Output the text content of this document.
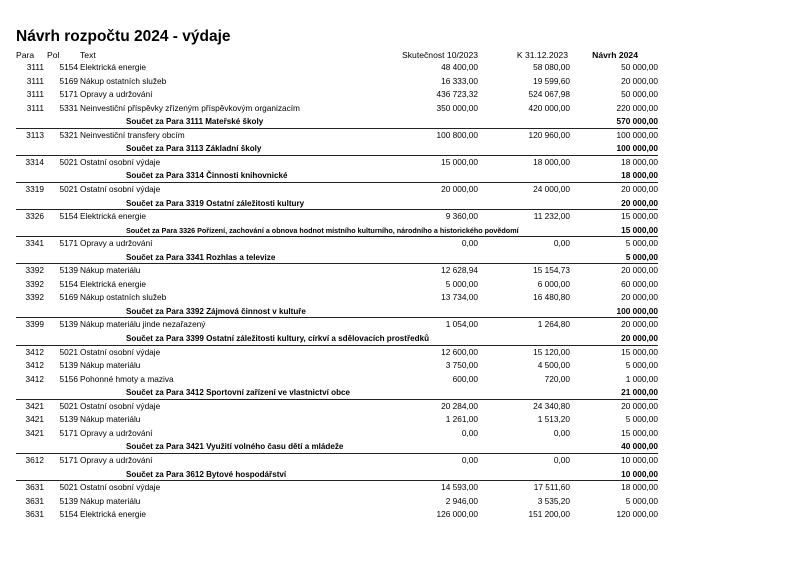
Návrh rozpočtu 2024 - výdaje
Para Pol Text	Skutečnost 10/2023	K 31.12.2023	Návrh 2024
3111	5154 Elektrická energie	48 400,00	58 080,00	50 000,00
3111	5169 Nákup ostatních služeb	16 333,00	19 599,60	20 000,00
3111	5171 Opravy a udržování	436 723,32	524 067,98	50 000,00
3111	5331 Neinvestiční příspěvky zřízeným příspěvkovým organizacím	350 000,00	420 000,00	220 000,00
Součet za Para 3111 Mateřské školy	570 000,00
3113	5321 Neinvestiční transfery obcím	100 800,00	120 960,00	100 000,00
Součet za Para 3113 Základní školy	100 000,00
3314	5021 Ostatní osobní výdaje	15 000,00	18 000,00	18 000,00
Součet za Para 3314 Činnosti knihovnické	18 000,00
3319	5021 Ostatní osobní výdaje	20 000,00	24 000,00	20 000,00
Součet za Para 3319 Ostatní záležitosti kultury	20 000,00
3326	5154 Elektrická energie	9 360,00	11 232,00	15 000,00
Součet za Para 3326 Pořízení, zachování a obnova hodnot místního kulturního, národního a historického povědomí	15 000,00
3341	5171 Opravy a udržování	0,00	0,00	5 000,00
Součet za Para 3341 Rozhlas a televize	5 000,00
3392	5139 Nákup materiálu	12 628,94	15 154,73	20 000,00
3392	5154 Elektrická energie	5 000,00	6 000,00	60 000,00
3392	5169 Nákup ostatních služeb	13 734,00	16 480,80	20 000,00
Součet za Para 3392 Zájmová činnost v kultuře	100 000,00
3399	5139 Nákup materiálu jinde nezařazený	1 054,00	1 264,80	20 000,00
Součet za Para 3399 Ostatní záležitosti kultury, církví a sdělovacích prostředků	20 000,00
3412	5021 Ostatní osobní výdaje	12 600,00	15 120,00	15 000,00
3412	5139 Nákup materiálu	3 750,00	4 500,00	5 000,00
3412	5156 Pohonné hmoty a maziva	600,00	720,00	1 000,00
Součet za Para 3412 Sportovní zařízení ve vlastnictví obce	21 000,00
3421	5021 Ostatní osobní výdaje	20 284,00	24 340,80	20 000,00
3421	5139 Nákup materiálu	1 261,00	1 513,20	5 000,00
3421	5171 Opravy a udržování	0,00	0,00	15 000,00
Součet za Para 3421 Využití volného času dětí a mládeže	40 000,00
3612	5171 Opravy a udržování	0,00	0,00	10 000,00
Součet za Para 3612 Bytové hospodářství	10 000,00
3631	5021 Ostatní osobní výdaje	14 593,00	17 511,60	18 000,00
3631	5139 Nákup materiálu	2 946,00	3 535,20	5 000,00
3631	5154 Elektrická energie	126 000,00	151 200,00	120 000,00
